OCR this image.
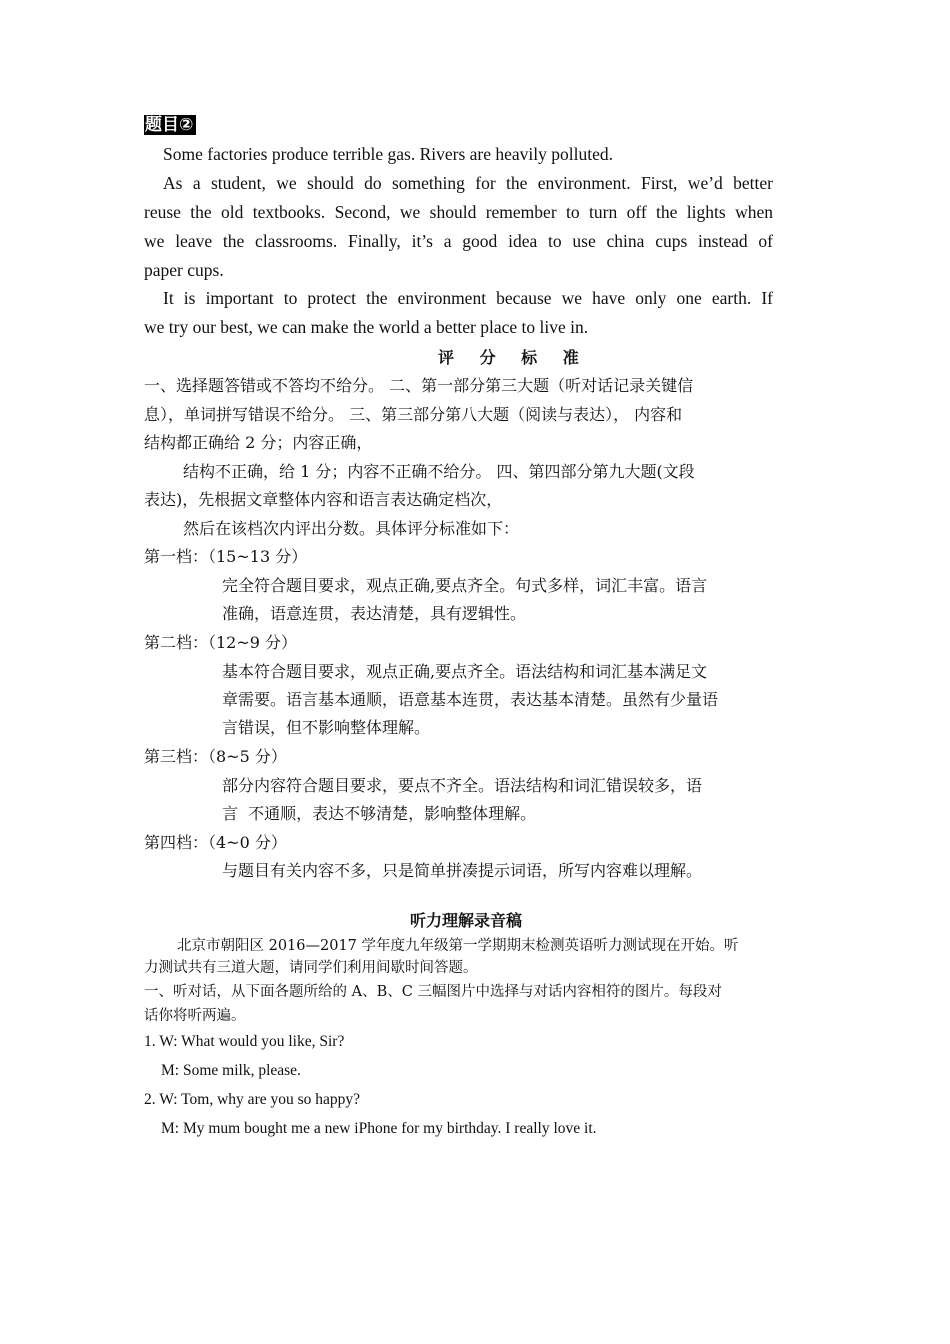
题目②
Some factories produce terrible gas. Rivers are heavily polluted.
As a student, we should do something for the environment. First, we’d better
reuse the old textbooks. Second, we should remember to turn off the lights when
we leave the classrooms. Finally, it’s a good idea to use china cups instead of
paper cups.
It is important to protect the environment because we have only one earth. If
we try our best, we can make the world a better place to live in.
评 分 标 准
一、选择题答错或不答均不给分。 二、第一部分第三大题（听对话记录关键信
息），单词拼写错误不给分。 三、第三部分第八大题（阅读与表达）， 内容和
结构都正确给 2 分；内容正确，
结构不正确，给 1 分；内容不正确不给分。 四、第四部分第九大题(文段
表达)，先根据文章整体内容和语言表达确定档次，
然后在该档次内评出分数。具体评分标准如下：
第一档：（15~13 分）
完全符合题目要求，观点正确,要点齐全。句式多样，词汇丰富。语言
准确，语意连贯，表达清楚，具有逻辑性。
第二档：（12~9 分）
基本符合题目要求，观点正确,要点齐全。语法结构和词汇基本满足文
章需要。语言基本通顺，语意基本连贯，表达基本清楚。虽然有少量语
言错误，但不影响整体理解。
第三档：（8~5 分）
部分内容符合题目要求，要点不齐全。语法结构和词汇错误较多，语
言  不通顺，表达不够清楚，影响整体理解。
第四档：（4~0 分）
与题目有关内容不多，只是简单拼凑提示词语，所写内容难以理解。
听力理解录音稿
北京市朝阳区 2016—2017 学年度九年级第一学期期末检测英语听力测试现在开始。听
力测试共有三道大题，请同学们利用间歇时间答题。
一、听对话，从下面各题所给的 A、B、C 三幅图片中选择与对话内容相符的图片。每段对
话你将听两遍。
1. W: What would you like, Sir?
M: Some milk, please.
2. W: Tom, why are you so happy?
M: My mum bought me a new iPhone for my birthday. I really love it.
